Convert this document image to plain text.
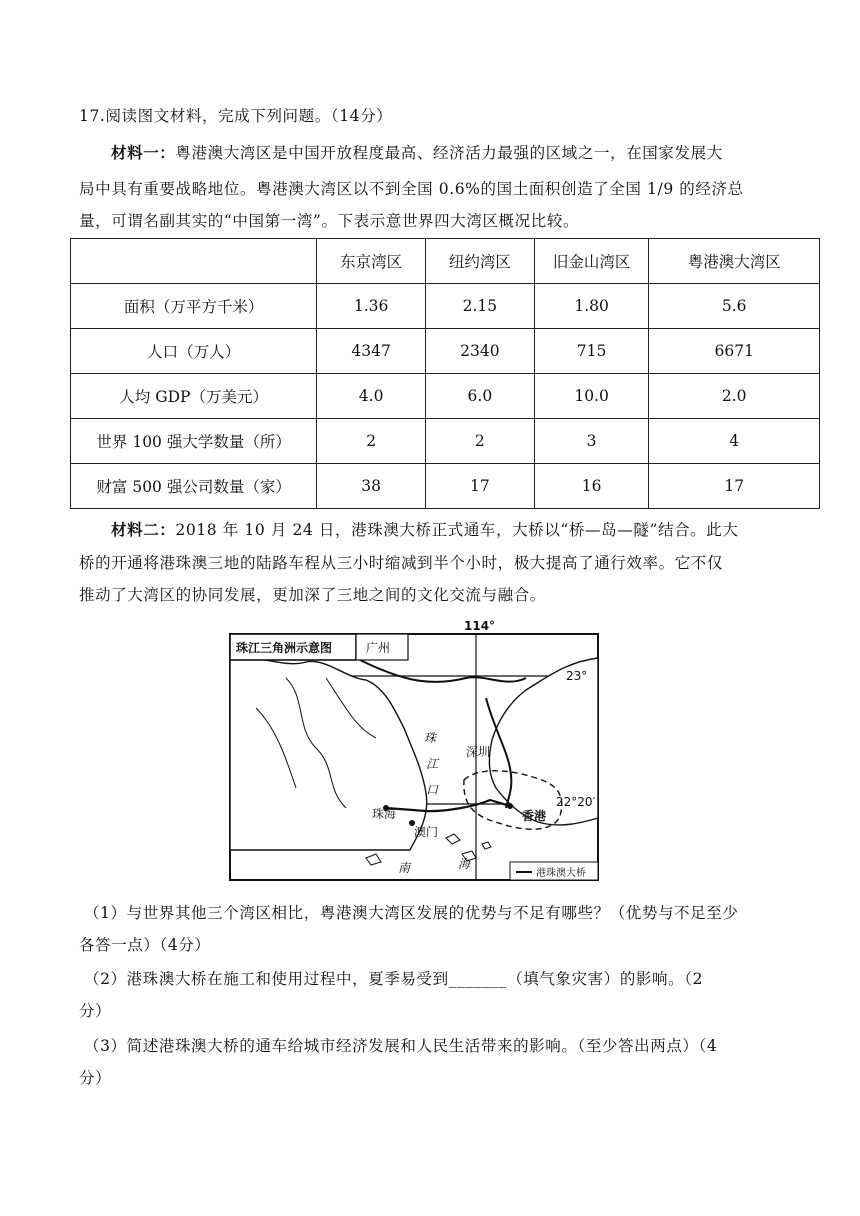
17.阅读图文材料，完成下列问题。（14分）
材料一：粤港澳大湾区是中国开放程度最高、经济活力最强的区域之一，在国家发展大
局中具有重要战略地位。粤港澳大湾区以不到全国 0.6%的国土面积创造了全国 1/9 的经济总
量，可谓名副其实的“中国第一湾”。下表示意世界四大湾区概况比较。
	东京湾区	纽约湾区	旧金山湾区	粤港澳大湾区
面积（万平方千米）	1.36	2.15	1.80	5.6
人口（万人）	4347	2340	715	6671
人均 GDP（万美元）	4.0	6.0	10.0	2.0
世界 100 强大学数量（所）	2	2	3	4
财富 500 强公司数量（家）	38	17	16	17
材料二：2018 年 10 月 24 日，港珠澳大桥正式通车，大桥以“桥—岛—隧”结合。此大
桥的开通将港珠澳三地的陆路车程从三小时缩减到半个小时，极大提高了通行效率。它不仅
推动了大湾区的协同发展，更加深了三地之间的文化交流与融合。
珠江三角洲示意图	广州
114°
23°
22°20′
深圳
珠海
澳门
香港
珠
江
口
南	海
港珠澳大桥
（1）与世界其他三个湾区相比，粤港澳大湾区发展的优势与不足有哪些？（优势与不足至少
各答一点）（4分）
（2）港珠澳大桥在施工和使用过程中，夏季易受到_______（填气象灾害）的影响。（2
分）
（3）简述港珠澳大桥的通车给城市经济发展和人民生活带来的影响。（至少答出两点）（4
分）
